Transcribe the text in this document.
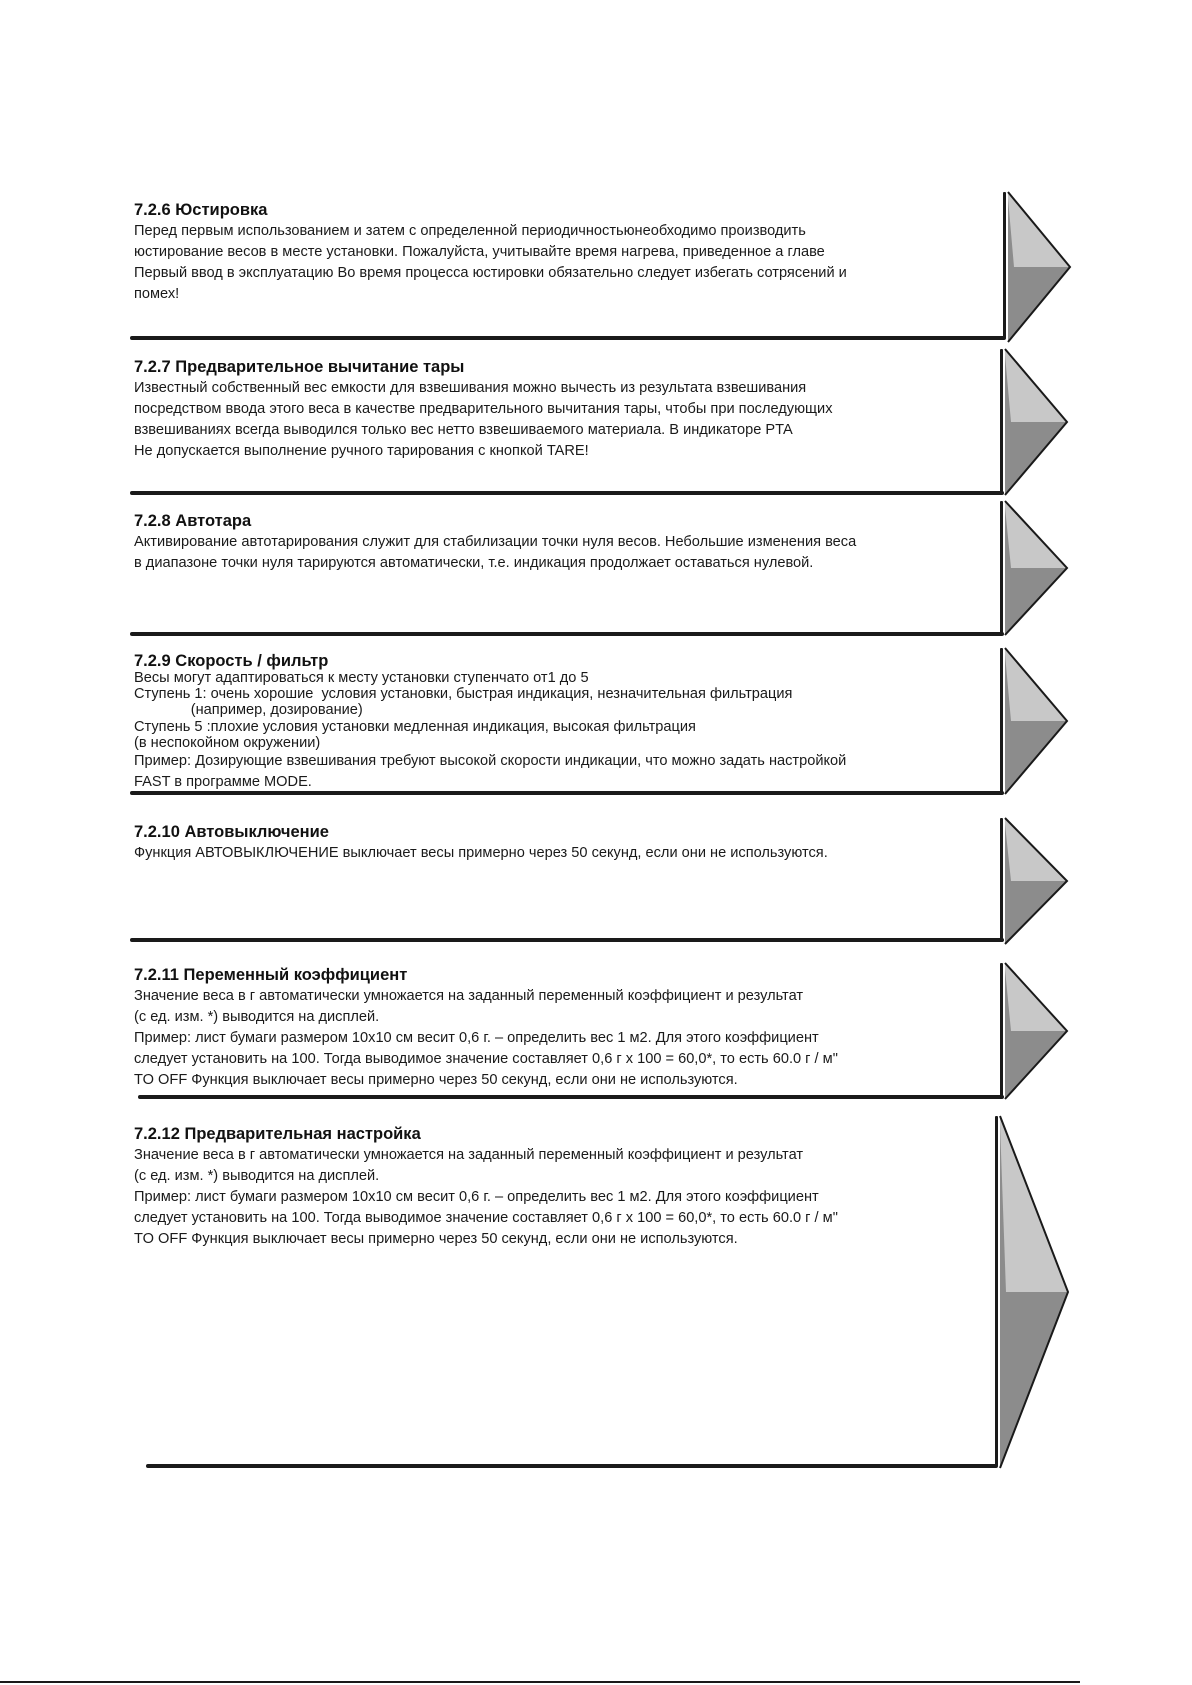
7.2.6 Юстировка

Перед первым использованием и затем с определенной периодичностьюнеобходимо производить

юстирование весов в месте установки. Пожалуйста, учитывайте время нагрева, приведенное а главе

Первый ввод в эксплуатацию Во время процесса юстировки обязательно следует избегать сотрясений и

помех!

7.2.7 Предварительное вычитание тары

Известный собственный вес емкости для взвешивания можно вычесть из результата взвешивания

посредством ввода этого веса в качестве предварительного вычитания тары, чтобы при последующих

взвешиваниях всегда выводился только вес нетто взвешиваемого материала. В индикаторе PTA

Не допускается выполнение ручного тарирования с кнопкой TARE!

7.2.8 Автотара

Активирование автотарирования служит для стабилизации точки нуля весов. Небольшие изменения веса

в диапазоне точки нуля тарируются автоматически, т.е. индикация продолжает оставаться нулевой.

7.2.9 Скорость / фильтр

Весы могут адаптироваться к месту установки ступенчато от1 до 5

Ступень 1: очень хорошие  условия установки, быстрая индикация, незначительная фильтрация

(например, дозирование)

Ступень 5 :плохие условия установки медленная индикация, высокая фильтрация

(в неспокойном окружении)

Пример: Дозирующие взвешивания требуют высокой скорости индикации, что можно задать настройкой

FAST в программе MODE.

7.2.10 Автовыключение

Функция АВТОВЫКЛЮЧЕНИЕ выключает весы примерно через 50 секунд, если они не используются.

7.2.11 Переменный коэффициент

Значение веса в г автоматически умножается на заданный переменный коэффициент и результат

(с ед. изм. *) выводится на дисплей.

Пример: лист бумаги размером 10x10 см весит 0,6 г. – определить вес 1 м2. Для этого коэффициент

следует установить на 100. Тогда выводимое значение составляет 0,6 г x 100 = 60,0*, то есть 60.0 г / м"

TO OFF Функция выключает весы примерно через 50 секунд, если они не используются.

7.2.12 Предварительная настройка

Значение веса в г автоматически умножается на заданный переменный коэффициент и результат

(с ед. изм. *) выводится на дисплей.

Пример: лист бумаги размером 10x10 см весит 0,6 г. – определить вес 1 м2. Для этого коэффициент

следует установить на 100. Тогда выводимое значение составляет 0,6 г x 100 = 60,0*, то есть 60.0 г / м"

TO OFF Функция выключает весы примерно через 50 секунд, если они не используются.
